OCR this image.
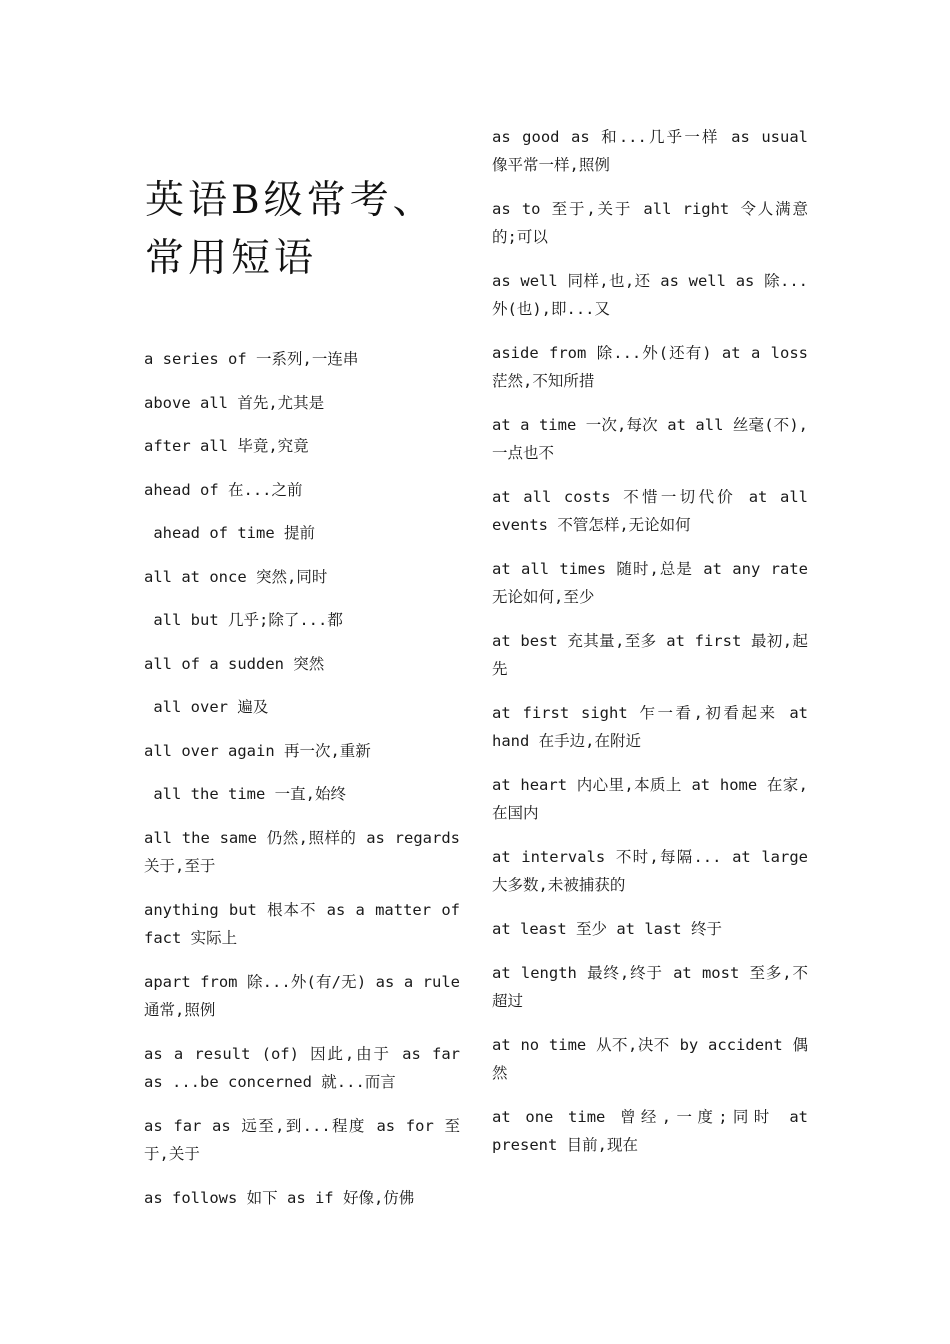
英语B级常考、常用短语

a series of 一系列,一连串

above all 首先,尤其是

after all 毕竟,究竟

ahead of 在...之前

ahead of time 提前

all at once 突然,同时

all but 几乎;除了...都

all of a sudden 突然

all over 遍及

all over again 再一次,重新

all the time 一直,始终

all the same 仍然,照样的 as regards 关于,至于

anything but 根本不 as a matter of fact 实际上

apart from 除...外(有/无) as a rule 通常,照例

as a result (of) 因此,由于 as far as ...be concerned 就...而言

as far as 远至,到...程度 as for 至于,关于

as follows 如下 as if 好像,仿佛

as good as 和...几乎一样 as usual 像平常一样,照例

as to 至于,关于 all right 令人满意的;可以

as well 同样,也,还 as well as 除...外(也),即...又

aside from 除...外(还有) at a loss 茫然,不知所措

at a time 一次,每次 at all 丝毫(不),一点也不

at all costs 不惜一切代价 at all events 不管怎样,无论如何

at all times 随时,总是 at any rate 无论如何,至少

at best 充其量,至多 at first 最初,起先

at first sight 乍一看,初看起来 at hand 在手边,在附近

at heart 内心里,本质上 at home 在家,在国内

at intervals 不时,每隔... at large 大多数,未被捕获的

at least 至少 at last 终于

at length 最终,终于 at most 至多,不超过

at no time 从不,决不 by accident 偶然

at one time 曾经,一度;同时 at present 目前,现在
